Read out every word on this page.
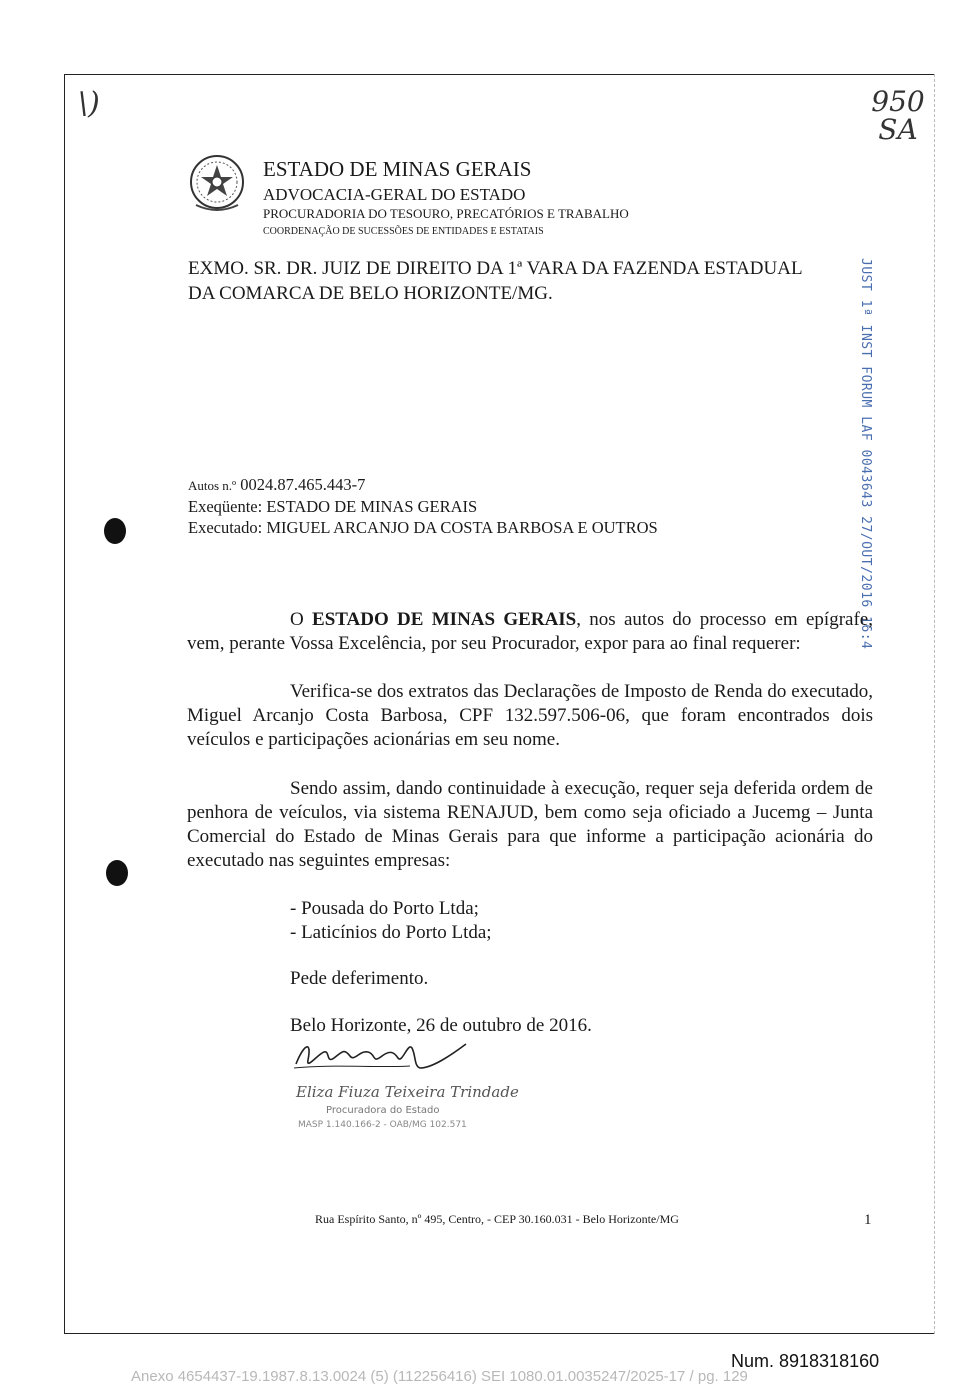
\)	950
SA
ESTADO DE MINAS GERAIS
ADVOCACIA-GERAL DO ESTADO
PROCURADORIA DO TESOURO, PRECATÓRIOS E TRABALHO
COORDENAÇÃO DE SUCESSÕES DE ENTIDADES E ESTATAIS
EXMO. SR. DR. JUIZ DE DIREITO DA 1ª VARA DA FAZENDA ESTADUAL
DA COMARCA DE BELO HORIZONTE/MG.	JUST 1ª INST FORUM LAF 0043643 27/OUT/2016 16:4
Autos n.º 0024.87.465.443-7
Exeqüente: ESTADO DE MINAS GERAIS
Executado: MIGUEL ARCANJO DA COSTA BARBOSA E OUTROS
O ESTADO DE MINAS GERAIS, nos autos do processo em epígrafe, vem, perante Vossa Excelência, por seu Procurador, expor para ao final requerer:
Verifica-se dos extratos das Declarações de Imposto de Renda do executado, Miguel Arcanjo Costa Barbosa, CPF 132.597.506-06, que foram encontrados dois veículos e participações acionárias em seu nome.
Sendo assim, dando continuidade à execução, requer seja deferida ordem de penhora de veículos, via sistema RENAJUD, bem como seja oficiado a Jucemg – Junta Comercial do Estado de Minas Gerais para que informe a participação acionária do executado nas seguintes empresas:
- Pousada do Porto Ltda;
- Laticínios do Porto Ltda;
Pede deferimento.
Belo Horizonte, 26 de outubro de 2016.
Eliza Fiuza Teixeira Trindade
Procuradora do Estado
MASP 1.140.166-2 - OAB/MG 102.571
Rua Espírito Santo, nº 495, Centro, - CEP 30.160.031 - Belo Horizonte/MG	1
Num. 8918318160
Anexo 4654437-19.1987.8.13.0024 (5) (112256416) SEI 1080.01.0035247/2025-17 / pg. 129
